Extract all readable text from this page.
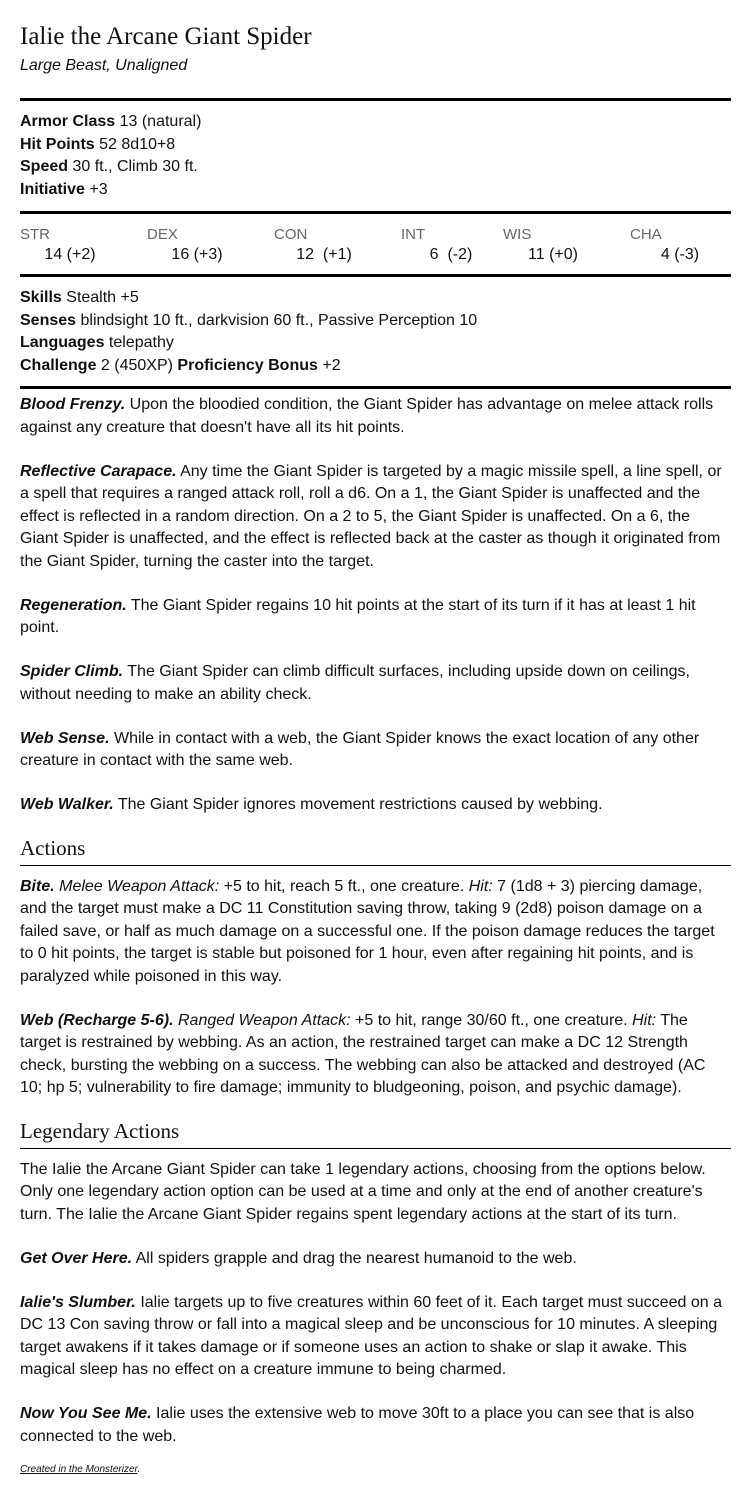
Ialie the Arcane Giant Spider
Large Beast, Unaligned
Armor Class 13 (natural)
Hit Points 52 8d10+8
Speed 30 ft., Climb 30 ft.
Initiative +3
STR
14 (+2)
DEX
16 (+3)
CON
12  (+1)
INT
6  (-2)
WIS
11 (+0)
CHA
4 (-3)
Skills Stealth +5
Senses blindsight 10 ft., darkvision 60 ft., Passive Perception 10
Languages telepathy
Challenge 2 (450XP) Proficiency Bonus +2

Blood Frenzy. Upon the bloodied condition, the Giant Spider has advantage on melee attack rolls against any creature that doesn't have all its hit points.

Reflective Carapace. Any time the Giant Spider is targeted by a magic missile spell, a line spell, or a spell that requires a ranged attack roll, roll a d6. On a 1, the Giant Spider is unaffected and the effect is reflected in a random direction. On a 2 to 5, the Giant Spider is unaffected. On a 6, the Giant Spider is unaffected, and the effect is reflected back at the caster as though it originated from the Giant Spider, turning the caster into the target.

Regeneration. The Giant Spider regains 10 hit points at the start of its turn if it has at least 1 hit point.

Spider Climb. The Giant Spider can climb difficult surfaces, including upside down on ceilings, without needing to make an ability check.

Web Sense. While in contact with a web, the Giant Spider knows the exact location of any other creature in contact with the same web.

Web Walker. The Giant Spider ignores movement restrictions caused by webbing.

Actions

Bite. Melee Weapon Attack: +5 to hit, reach 5 ft., one creature. Hit: 7 (1d8 + 3) piercing damage, and the target must make a DC 11 Constitution saving throw, taking 9 (2d8) poison damage on a failed save, or half as much damage on a successful one. If the poison damage reduces the target to 0 hit points, the target is stable but poisoned for 1 hour, even after regaining hit points, and is paralyzed while poisoned in this way.

Web (Recharge 5-6). Ranged Weapon Attack: +5 to hit, range 30/60 ft., one creature. Hit: The target is restrained by webbing. As an action, the restrained target can make a DC 12 Strength check, bursting the webbing on a success. The webbing can also be attacked and destroyed (AC 10; hp 5; vulnerability to fire damage; immunity to bludgeoning, poison, and psychic damage).

Legendary Actions

The Ialie the Arcane Giant Spider can take 1 legendary actions, choosing from the options below. Only one legendary action option can be used at a time and only at the end of another creature's turn. The Ialie the Arcane Giant Spider regains spent legendary actions at the start of its turn.

Get Over Here. All spiders grapple and drag the nearest humanoid to the web.

Ialie's Slumber. Ialie targets up to five creatures within 60 feet of it. Each target must succeed on a DC 13 Con saving throw or fall into a magical sleep and be unconscious for 10 minutes. A sleeping target awakens if it takes damage or if someone uses an action to shake or slap it awake. This magical sleep has no effect on a creature immune to being charmed.

Now You See Me. Ialie uses the extensive web to move 30ft to a place you can see that is also connected to the web.

Created in the Monsterizer.
